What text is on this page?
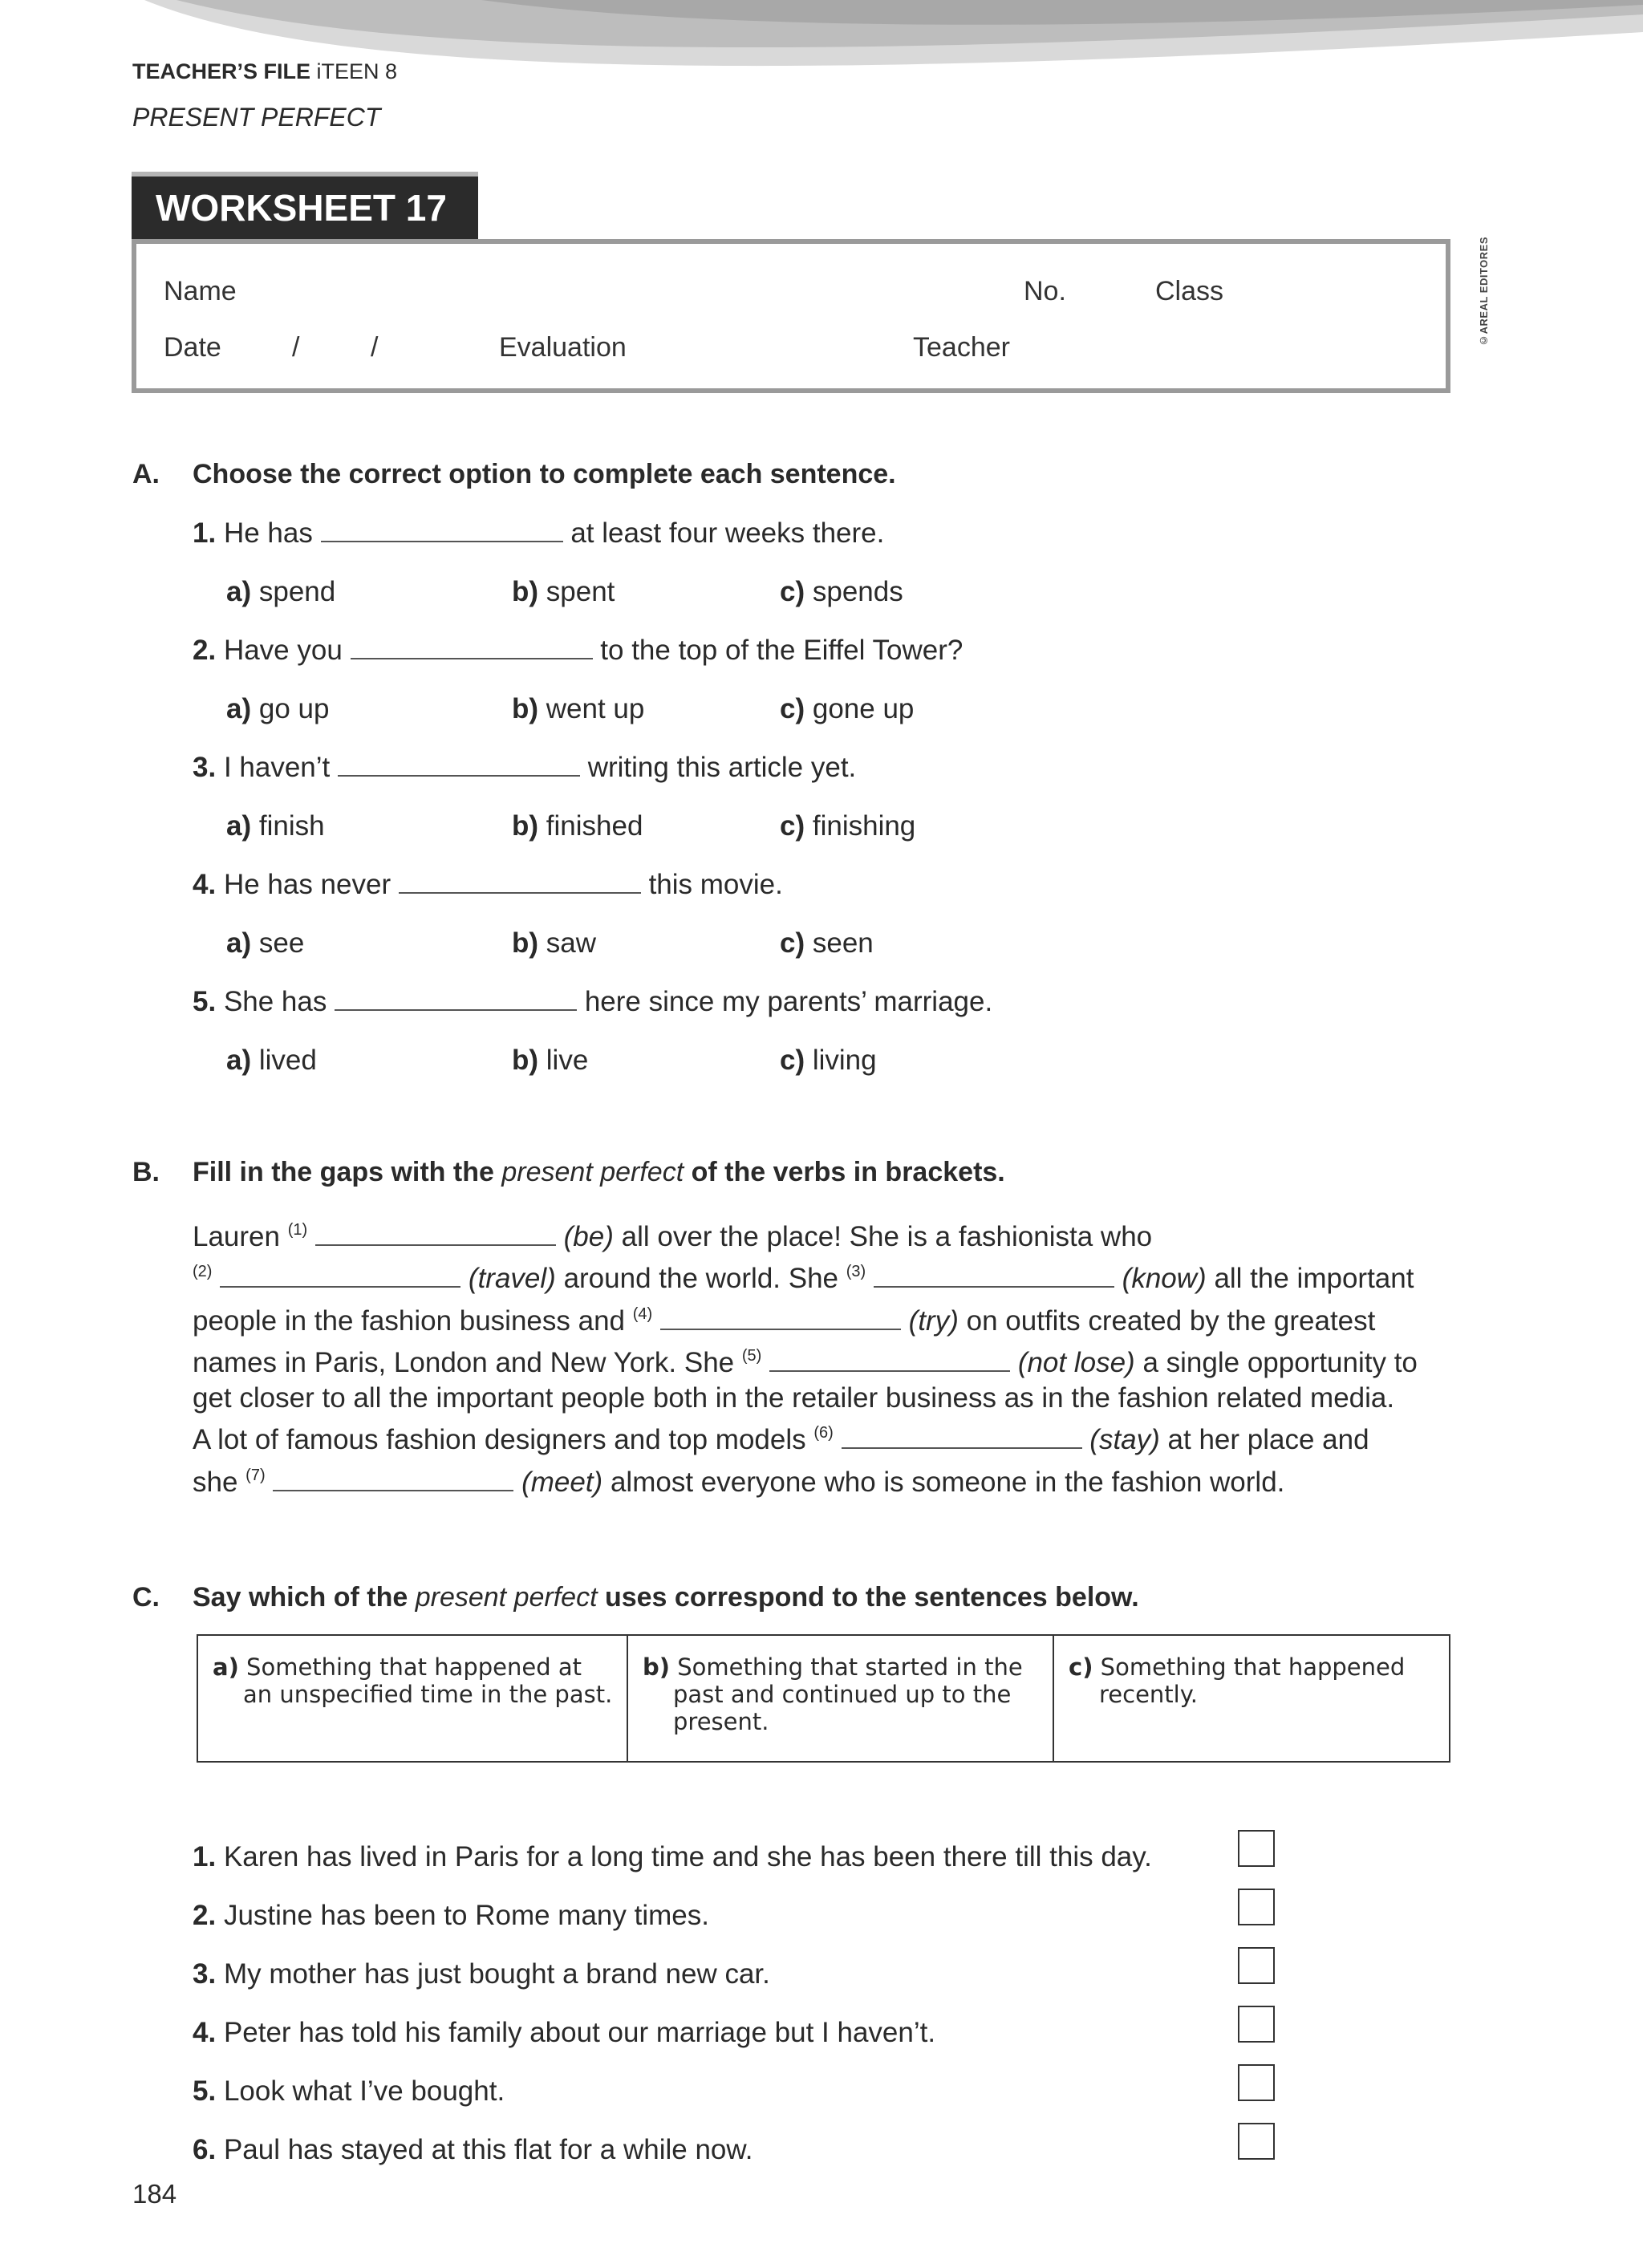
TEACHER’S FILE iTEEN 8
PRESENT PERFECT
WORKSHEET 17
Name	No.	Class
Date	/	/	Evaluation	Teacher
©AREAL EDITORES
A. Choose the correct option to complete each sentence.
1. He has	at least four weeks there.
a) spend	b) spent	c) spends
2. Have you	to the top of the Eiffel Tower?
a) go up	b) went up	c) gone up
3. I haven’t	writing this article yet.
a) finish	b) finished	c) finishing
4. He has never	this movie.
a) see	b) saw	c) seen
5. She has	here since my parents’ marriage.
a) lived	b) live	c) living
B. Fill in the gaps with the present perfect of the verbs in brackets.
Lauren $^{(1)}$	(be) all over the place! She is a fashionista who
$^{(2)}$	(travel) around the world. She $^{(3)}$	(know) all the important
people in the fashion business and $^{(4)}$	(try) on outfits created by the greatest
names in Paris, London and New York. She $^{(5)}$	(not lose) a single opportunity to
get closer to all the important people both in the retailer business as in the fashion related media.
A lot of famous fashion designers and top models $^{(6)}$	(stay) at her place and
she $^{(7)}$	(meet) almost everyone who is someone in the fashion world.
C. Say which of the present perfect uses correspond to the sentences below.
a) Something that happened at an unspecified time in the past.

b) Something that started in the past and continued up to the present.

c) Something that happened recently.
1. Karen has lived in Paris for a long time and she has been there till this day.
2. Justine has been to Rome many times.
3. My mother has just bought a brand new car.
4. Peter has told his family about our marriage but I haven’t.
5. Look what I’ve bought.
6. Paul has stayed at this flat for a while now.
184
